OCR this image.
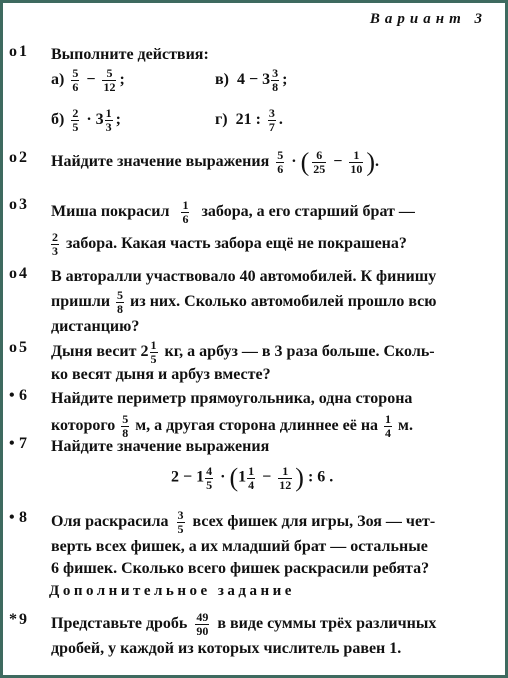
Вариант 3
o 1 Выполните действия:
$а) \frac{5}{6} - \frac{5}{12}$ ;	в) $4 - 3 \frac{3}{8}$ ;
$б) \frac{2}{5} \cdot 3 \frac{1}{3}$ ;	г) 21 : $\frac{3}{7}$ .
o 2 Найдите значение выражения $\frac{5}{6}$ · ( $\frac{6}{25} - \frac{1}{10}$ ).
o 3 Миша покрасил $\frac{1}{6}$ забора, а его старший брат —

$\frac{2}{3}$ забора. Какая часть забора ещё не покрашена?
o 4 В авторалли участвовало 40 автомобилей. К финишу
пришли $\frac{5}{8}$ из них. Сколько автомобилей прошло всю
дистанцию?
o 5 Дыня весит $2 \frac{1}{5}$ кг, а арбуз — в 3 раза больше. Сколь-
ко весят дыня и арбуз вместе?
• 6 Найдите периметр прямоугольника, одна сторона
которого $\frac{5}{8} м$, а другая сторона длиннее её на $\frac{1}{4} м$.
• 7 Найдите значение выражения
$2 - 1 \frac{4}{5} \cdot (1 \frac{1}{4} - \frac{1}{12}$ ) : 6 .
• 8 Оля раскрасила $\frac{3}{5}$ всех фишек для игры, Зоя — чет-
верть всех фишек, а их младший брат — остальные
6 фишек. Сколько всего фишек раскрасили ребята?
Дополнительное задание
* 9 Представьте дробь $\frac{49}{90}$ в виде суммы трёх различных
дробей, у каждой из которых числитель равен 1.
